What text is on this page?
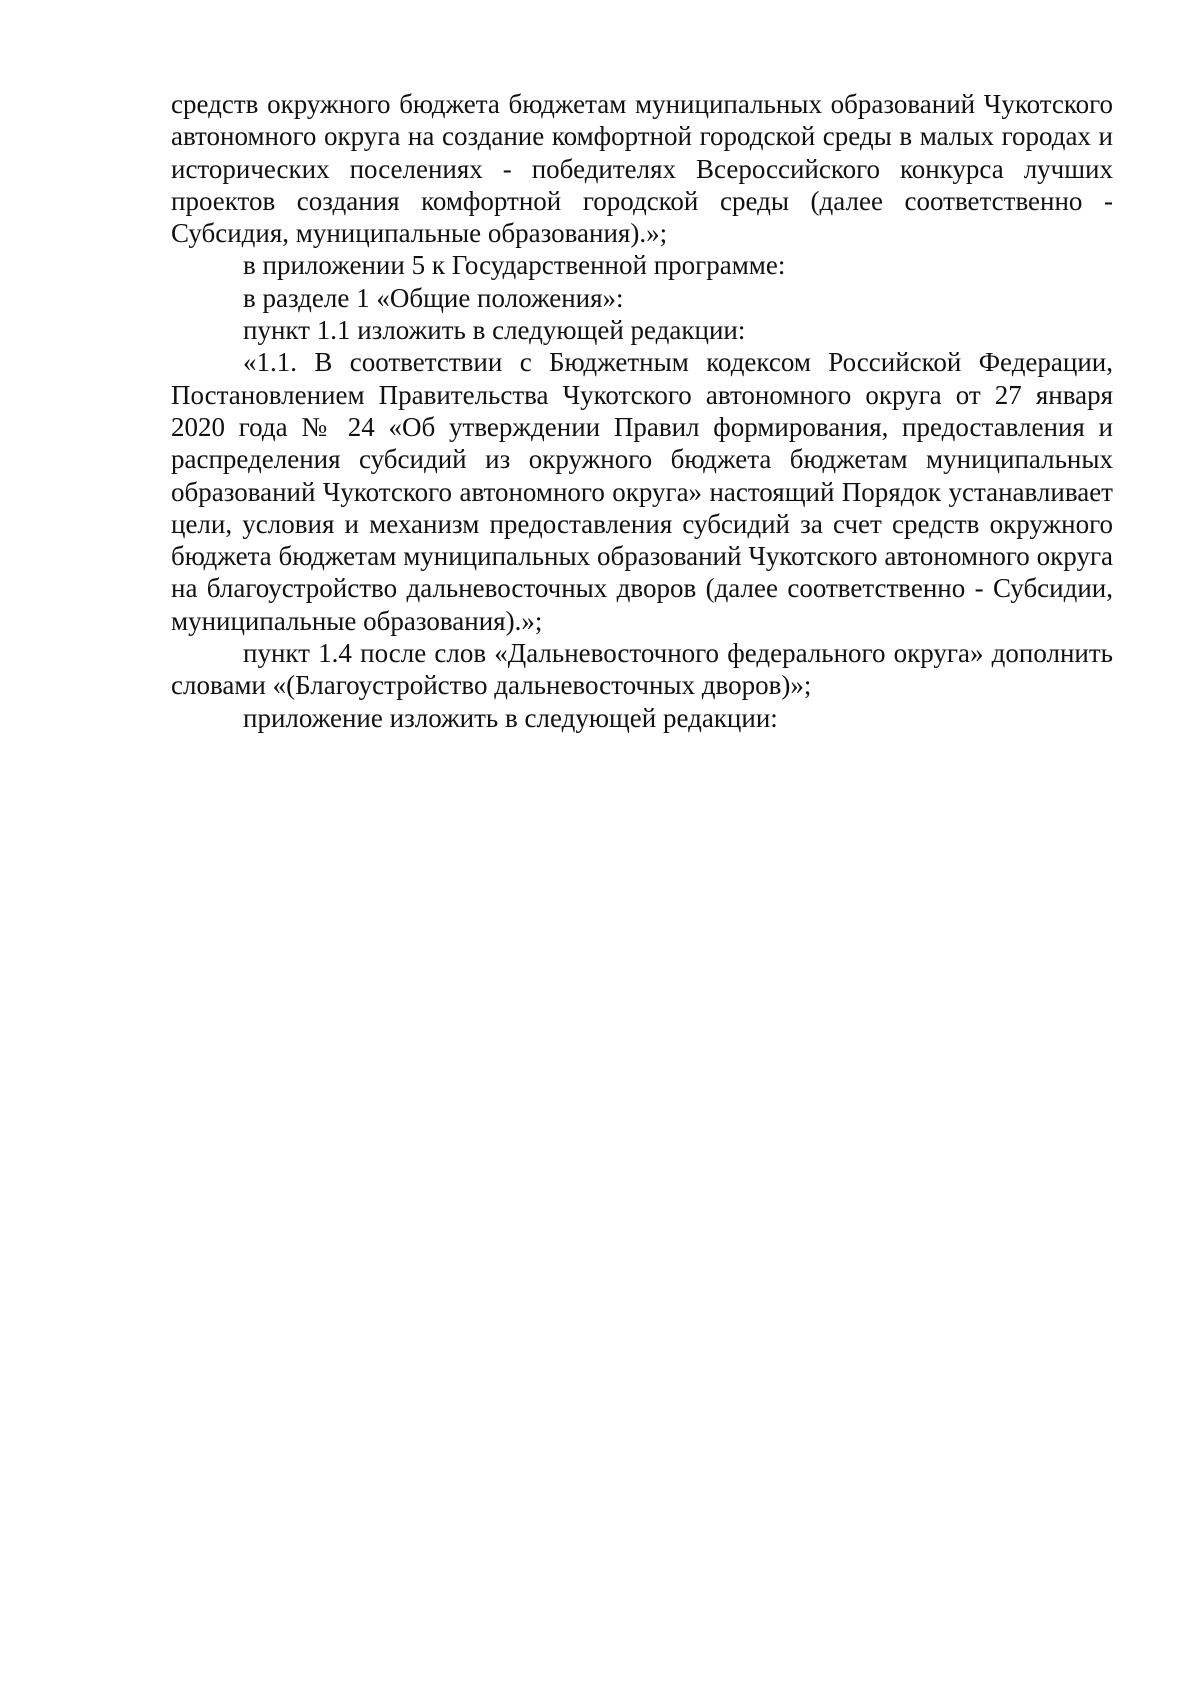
средств окружного бюджета бюджетам муниципальных образований Чукотского автономного округа на создание комфортной городской среды в малых городах и исторических поселениях - победителях Всероссийского конкурса лучших проектов создания комфортной городской среды (далее соответственно - Субсидия, муниципальные образования).»;

в приложении 5 к Государственной программе:

в разделе 1 «Общие положения»:

пункт 1.1 изложить в следующей редакции:

«1.1. В соответствии с Бюджетным кодексом Российской Федерации, Постановлением Правительства Чукотского автономного округа от 27 января 2020 года № 24 «Об утверждении Правил формирования, предоставления и распределения субсидий из окружного бюджета бюджетам муниципальных образований Чукотского автономного округа» настоящий Порядок устанавливает цели, условия и механизм предоставления субсидий за счет средств окружного бюджета бюджетам муниципальных образований Чукотского автономного округа на благоустройство дальневосточных дворов (далее соответственно - Субсидии, муниципальные образования).»;

пункт 1.4 после слов «Дальневосточного федерального округа» дополнить словами «(Благоустройство дальневосточных дворов)»;

приложение изложить в следующей редакции:
